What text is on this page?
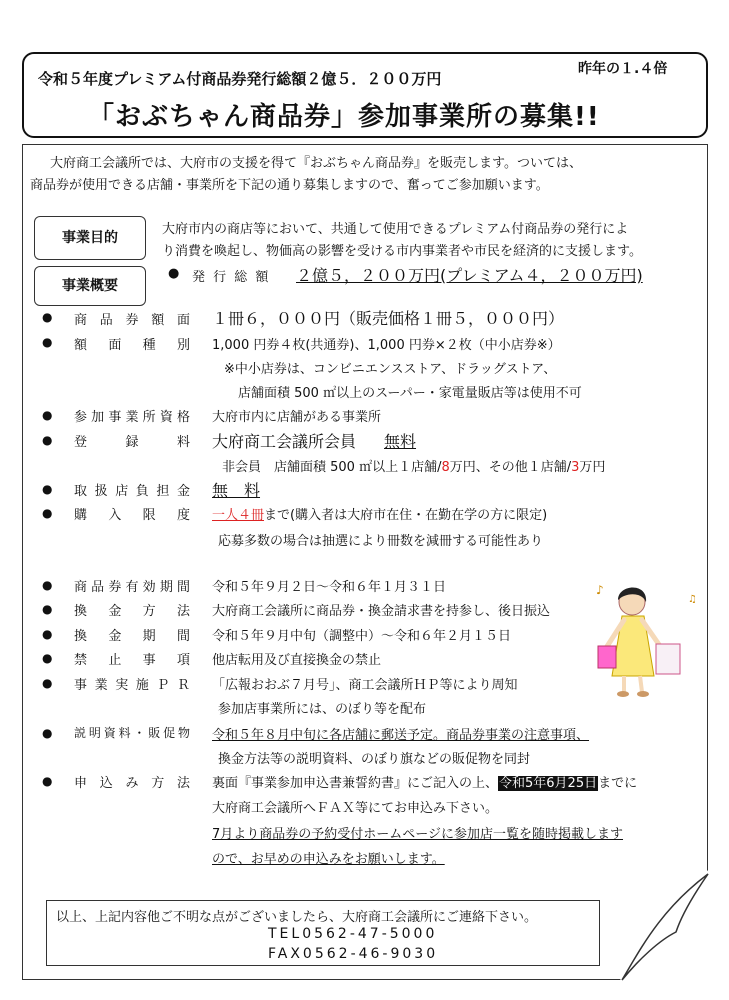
令和５年度プレミアム付商品券発行総額２億５．２００万円
昨年の１.４倍
「おぶちゃん商品券」参加事業所の募集!!
大府商工会議所では、大府市の支援を得て『おぶちゃん商品券』を販売します。ついては、
商品券が使用できる店舗・事業所を下記の通り募集しますので、奮ってご参加願います。
事業目的
大府市内の商店等において、共通して使用できるプレミアム付商品券の発行によ
り消費を喚起し、物価高の影響を受ける市内事業者や市民を経済的に支援します。
事業概要
● 発 行 総 額 ２億５，２００万円(プレミアム４，２００万円)
● 商品券額面 １冊６，０００円（販売価格１冊５，０００円）
● 額面種別 1,000 円券４枚(共通券)、1,000 円券×２枚（中小店券※）
※中小店券は、コンビニエンスストア、ドラッグストア、
店舗面積 500 ㎡以上のスーパー・家電量販店等は使用不可
● 参加事業所資格 大府市内に店舗がある事業所
● 登録料 大府商工会議所会員 無料
非会員　店舗面積 500 ㎡以上１店舗/8万円、その他１店舗/3万円
● 取扱店負担金 無　料
● 購入限度 一人４冊まで(購入者は大府市在住・在勤在学の方に限定)
応募多数の場合は抽選により冊数を減冊する可能性あり
● 商品券有効期間 令和５年９月２日～令和６年１月３１日
● 換金方法 大府商工会議所に商品券・換金請求書を持参し、後日振込
● 換金期間 令和５年９月中旬（調整中）～令和６年２月１５日
● 禁止事項 他店転用及び直接換金の禁止
● 事業実施ＰＲ 「広報おおぶ７月号」、商工会議所ＨＰ等により周知
参加店事業所には、のぼり等を配布
● 説明資料・販促物 令和５年８月中旬に各店舗に郵送予定。商品券事業の注意事項、
換金方法等の説明資料、のぼり旗などの販促物を同封
● 申込み方法 裏面『事業参加申込書兼誓約書』にご記入の上、令和5年6月25日までに
大府商工会議所へＦＡＸ等にてお申込み下さい。
7月より商品券の予約受付ホームページに参加店一覧を随時掲載します
ので、お早めの申込みをお願いします。
♪
♫
以上、上記内容他ご不明な点がございましたら、大府商工会議所にご連絡下さい。
TEL0562-47-5000
FAX0562-46-9030
